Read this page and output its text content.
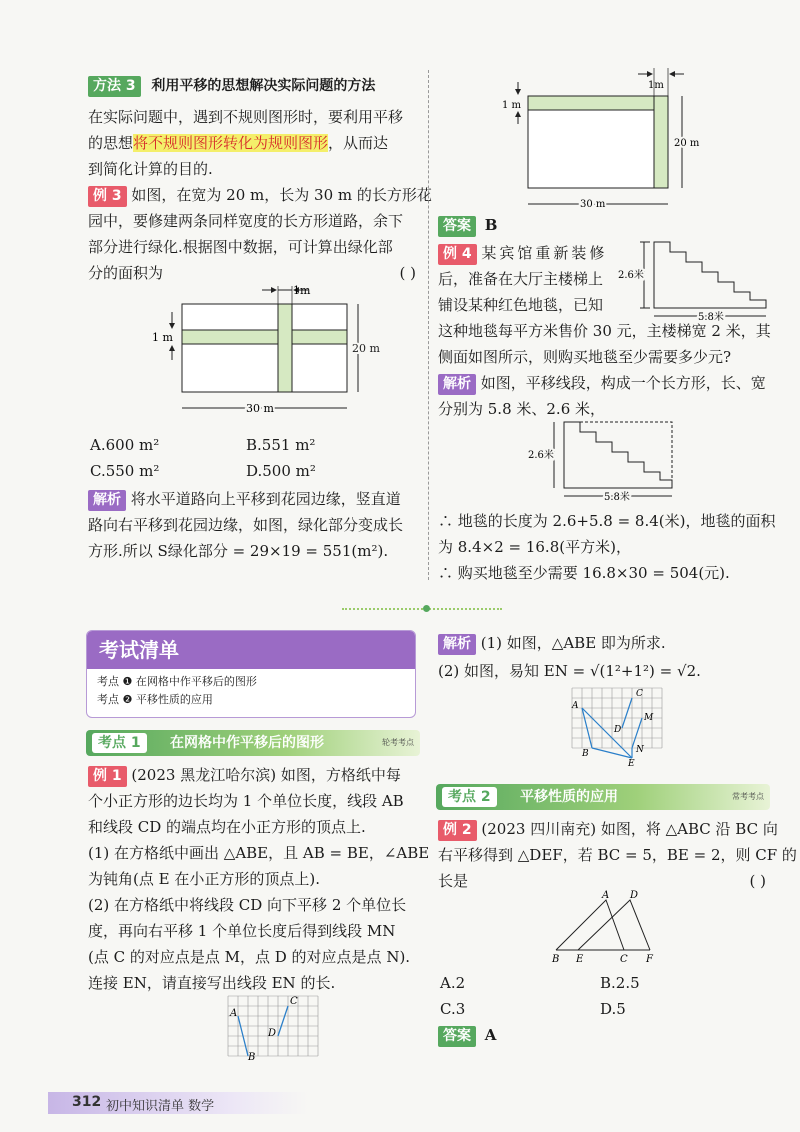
方法 3 利用平移的思想解决实际问题的方法
在实际问题中，遇到不规则图形时，要利用平移
的思想将不规则图形转化为规则图形，从而达
到简化计算的目的.
例 3 如图，在宽为 20 m，长为 30 m 的长方形花
园中，要修建两条同样宽度的长方形道路，余下
部分进行绿化.根据图中数据，可计算出绿化部
分的面积为	( )
1m
1 m
20 m
30 m
A.600 m²	B.551 m²
C.550 m²	D.500 m²
解析 将水平道路向上平移到花园边缘，竖直道
路向右平移到花园边缘，如图，绿化部分变成长
方形.所以 S绿化部分 = 29×19 = 551(m²).
1m
1 m
20 m
30 m
答案 B
例 4 某宾馆重新装修
后，准备在大厅主楼梯上
铺设某种红色地毯，已知
这种地毯每平方米售价 30 元，主楼梯宽 2 米，其
侧面如图所示，则购买地毯至少需要多少元?
2.6米
5.8米
解析 如图，平移线段，构成一个长方形，长、宽
分别为 5.8 米、2.6 米，
2.6米
5.8米
∴ 地毯的长度为 2.6+5.8 = 8.4(米)，地毯的面积
为 8.4×2 = 16.8(平方米)，
∴ 购买地毯至少需要 16.8×30 = 504(元).
考试清单
考点 ❶ 在网格中作平移后的图形
考点 ❷ 平移性质的应用
考点 1	在网格中作平移后的图形	轮考考点
例 1 (2023 黑龙江哈尔滨) 如图，方格纸中每
个小正方形的边长均为 1 个单位长度，线段 AB
和线段 CD 的端点均在小正方形的顶点上.
(1) 在方格纸中画出 △ABE，且 AB = BE，∠ABE
为钝角(点 E 在小正方形的顶点上).
(2) 在方格纸中将线段 CD 向下平移 2 个单位长
度，再向右平移 1 个单位长度后得到线段 MN
(点 C 的对应点是点 M，点 D 的对应点是点 N).
连接 EN，请直接写出线段 EN 的长.
A
B
C
D
解析 (1) 如图，△ABE 即为所求.
(2) 如图，易知 EN = √(1²+1²) = √2.
A
B
C
D
E
M
N
考点 2	平移性质的应用	常考考点
例 2 (2023 四川南充) 如图，将 △ABC 沿 BC 向
右平移得到 △DEF，若 BC = 5，BE = 2，则 CF 的
长是	( )
A D
B E	C F
A.2	B.2.5
C.3	D.5
答案 A
312 初中知识清单 数学
